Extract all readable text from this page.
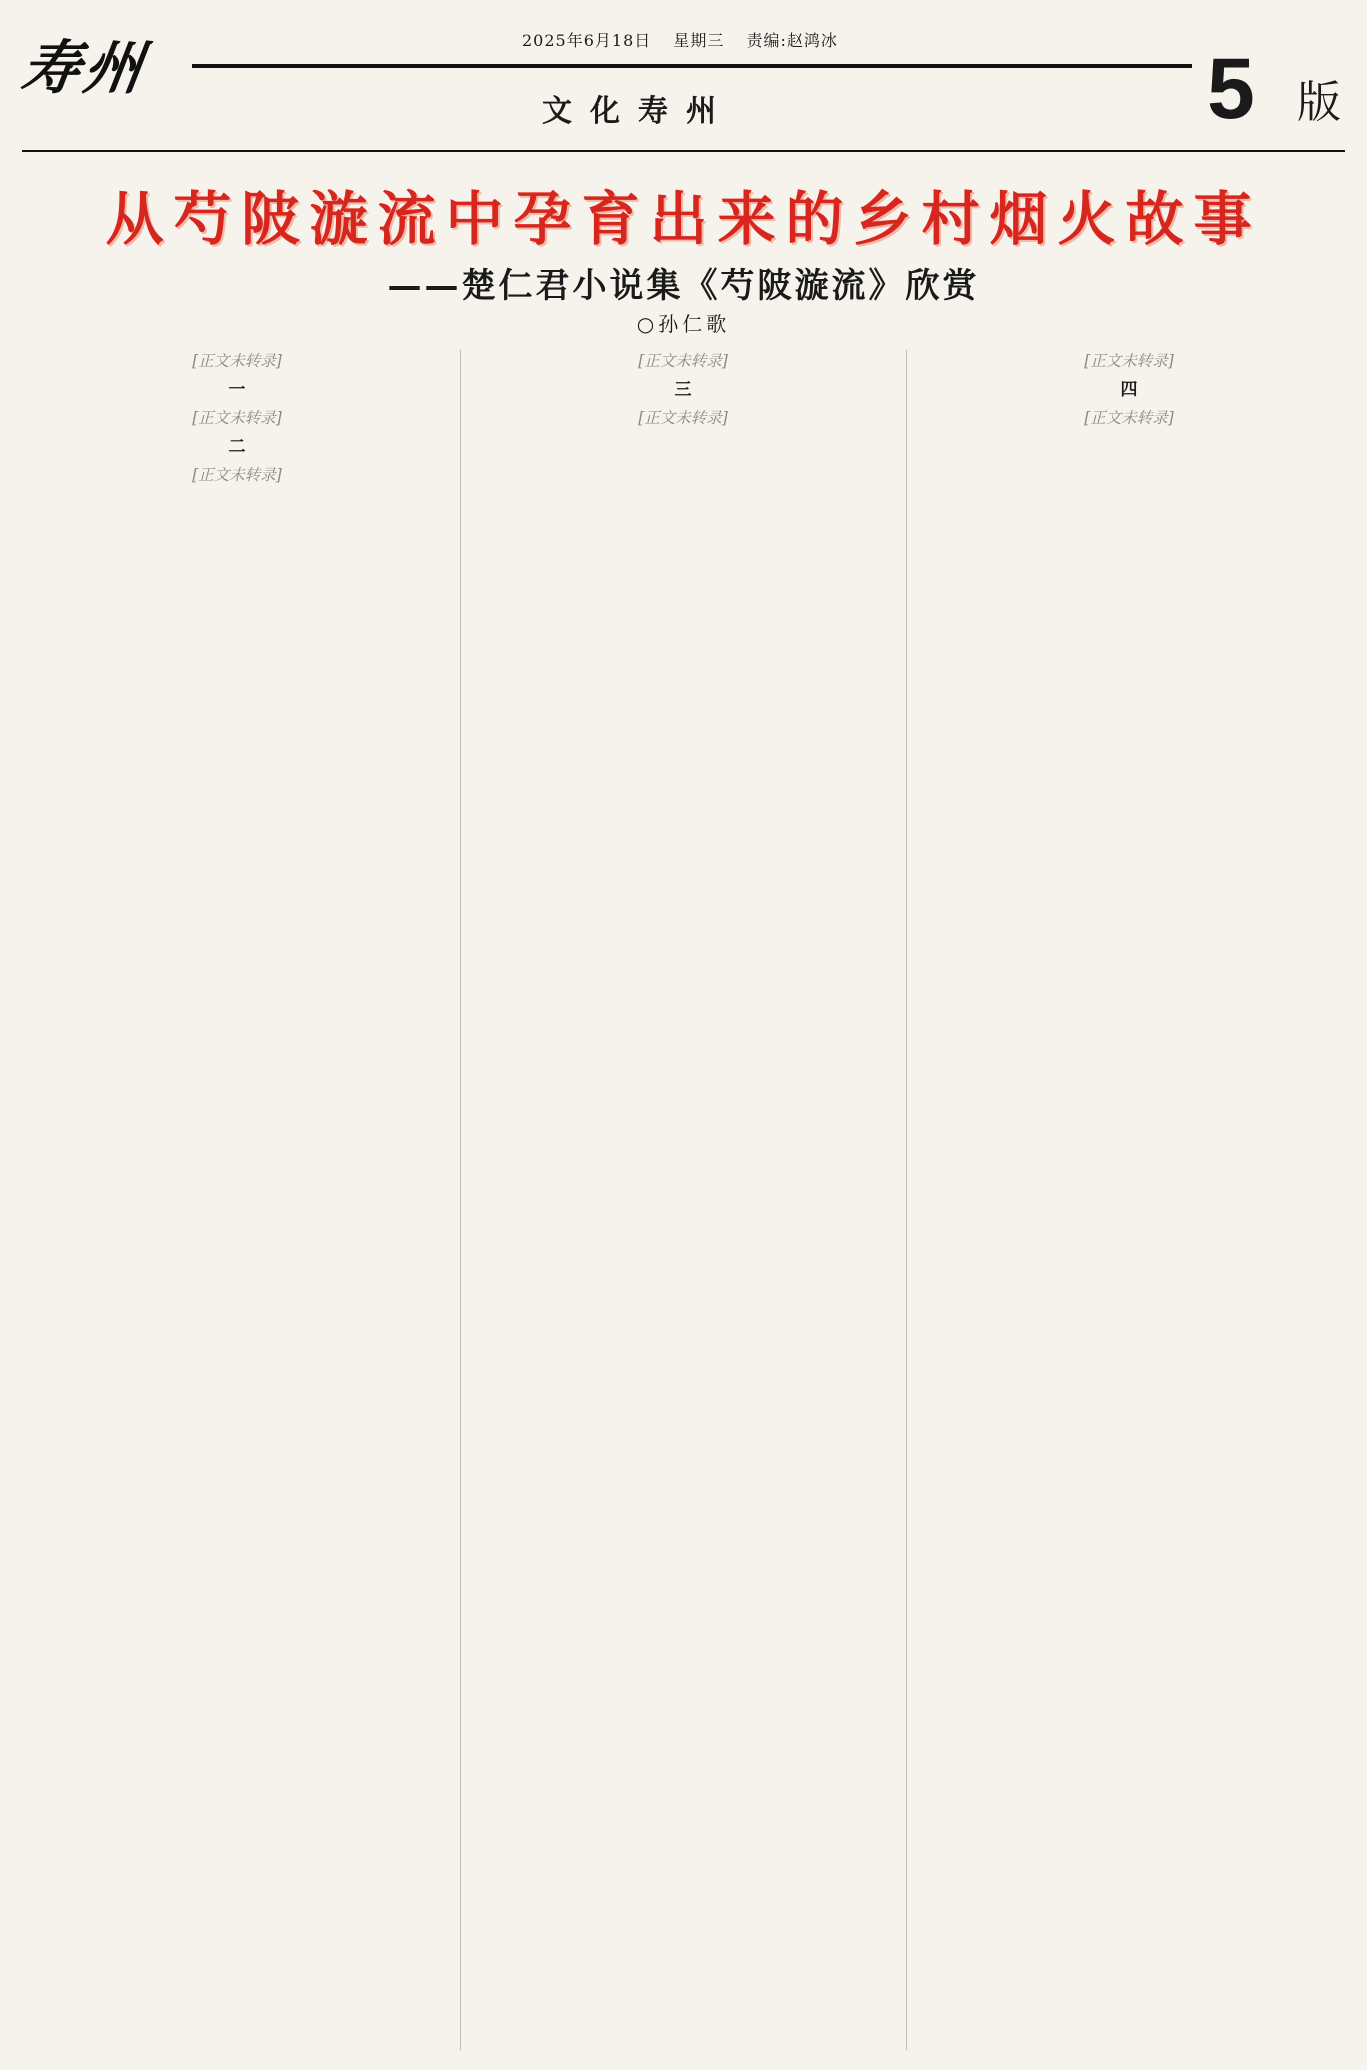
寿州	2025年6月18日 星期三 责编:赵鸿冰
文化寿州	5 版
从芍陂漩流中孕育出来的乡村烟火故事
——楚仁君小说集《芍陂漩流》欣赏
○孙仁歌

[正文未转录]

一

[正文未转录]

二

[正文未转录]

[正文未转录]

三

[正文未转录]

[正文未转录]

四

[正文未转录]
